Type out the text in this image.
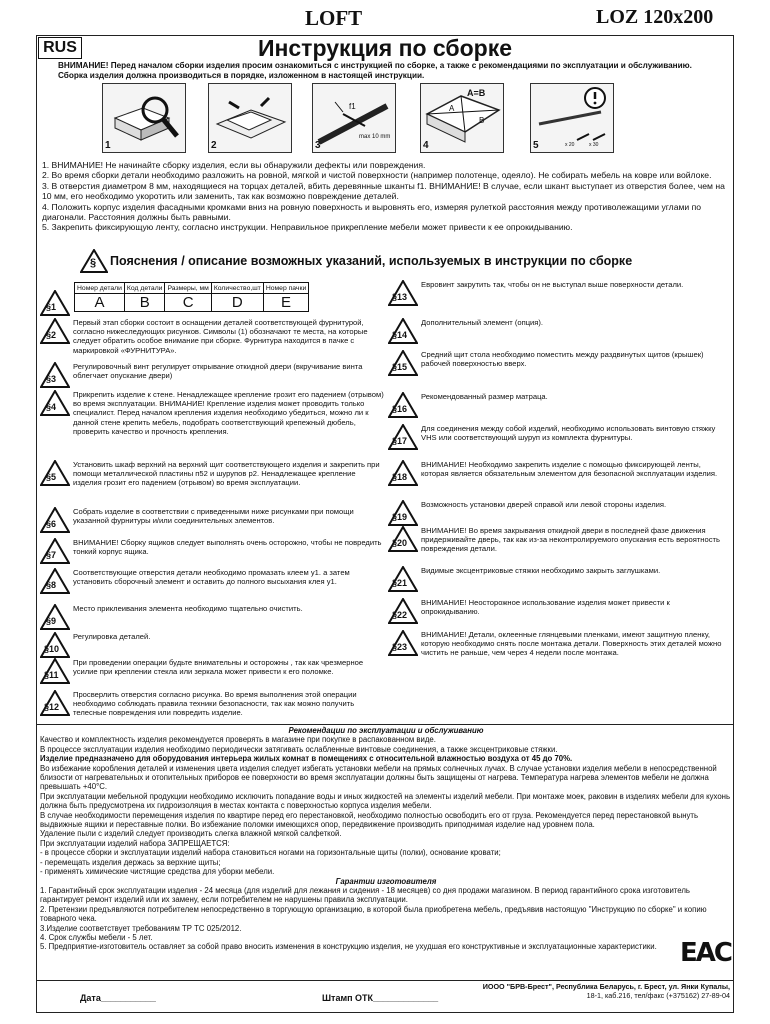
LOFT	LOZ 120x200
RUS	Инструкция по сборке
ВНИМАНИЕ! Перед началом сборки изделия просим ознакомиться с инструкцией по сборке, а также с рекомендациями по эксплуатации и обслуживанию. Сборка изделия должна производиться в порядке, изложенном в настоящей инструкции.
1	2
f1
max 10 mm
3
A=B
A
B
4	x 20	x 30
5

1. ВНИМАНИЕ! Не начинайте сборку изделия, если вы обнаружили дефекты или повреждения.

2. Во время сборки детали необходимо разложить на ровной, мягкой и чистой поверхности (например полотенце, одеяло). Не собирать мебель на ковре или войлоке.

3. В отверстия диаметром 8 мм, находящиеся на торцах деталей, вбить деревянные шканты f1. ВНИМАНИЕ! В случае, если шкант выступает из отверстия более, чем на 10 мм, его необходимо укоротить или заменить, так как возможно повреждение деталей.

4. Положить корпус изделия фасадными кромками вниз на ровную поверхность и выровнять его, измеряя рулеткой расстояния между противолежащими углами по диагонали. Расстояния должны быть равными.

5. Закрепить фиксирующую ленту, согласно инструкции. Неправильное прикрепление мебели может привести к ее опрокидыванию.

§ Пояснения / описание возможных указаний, используемых в инструкции по сборке
Номер детали	Код детали	Размеры, мм	Количество,шт	Номер пачки
A	B	C	D	E
§1
§2
Первый этап сборки состоит в оснащении деталей соответствующей фурнитурой, согласно нижеследующих рисунков. Символы (1) обозначают те места, на которые следует обратить особое внимание при сборке. Фурнитура находится в пачке с маркировкой «ФУРНИТУРА».
§3
Регулировочный винт регулирует открывание откидной двери (вкручивание винта облегчает опускание двери)
§4
Прикрепить изделие к стене. Ненадлежащее крепление грозит его падением (отрывом) во время эксплуатации. ВНИМАНИЕ! Крепление изделия может проводить только специалист. Перед началом крепления изделия необходимо убедиться, можно ли к данной стене крепить мебель, подобрать соответствующий крепежный дюбель, проверить качество и прочность крепления.
§5
Установить шкаф верхний на верхний щит соответствующего изделия и закрепить при помощи металлической пластины п52 и шурупов р2. Ненадлежащее крепление изделия грозит его падением (отрывом) во время эксплуатации.
§6
Собрать изделие в соответствии с приведенными ниже рисунками при помощи указанной фурнитуры и/или соединительных элементов.
§7
ВНИМАНИЕ! Сборку ящиков следует выполнять очень осторожно, чтобы не повредить тонкий корпус ящика.
§8
Соответствующие отверстия детали необходимо промазать клеем у1. а затем установить сборочный элемент и оставить до полного высыхания клея у1.
§9
Место приклеивания элемента необходимо тщательно очистить.
§10
Регулировка деталей.
§11
При проведении операции будьте внимательны и осторожны , так как чрезмерное усилие при креплении стекла или зеркала может привести к его поломке.
§12
Просверлить отверстия согласно рисунка. Во время выполнения этой операции необходимо соблюдать правила техники безопасности, так как можно получить телесные повреждения или повредить изделие.
§13
Евровинт закрутить так, чтобы он не выступал выше поверхности детали.
§14
Дополнительный элемент (опция).
§15
Средний щит стола необходимо поместить между раздвинутых щитов (крышек) рабочей поверхностью вверх.
§16
Рекомендованный размер матраца.
§17
Для соединения между собой изделий, необходимо использовать винтовую стяжку VHS или соответствующий шуруп из комплекта фурнитуры.
§18
ВНИМАНИЕ! Необходимо закрепить изделие с помощью фиксирующей ленты, которая является обязательным элементом для безопасной эксплуатации изделия.
§19
Возможность установки дверей справой или левой стороны изделия.
§20
ВНИМАНИЕ! Во время закрывания откидной двери в последней фазе движения придерживайте дверь, так как из-за неконтролируемого опускания есть вероятность повреждения детали.
§21
Видимые эксцентриковые стяжки необходимо закрыть заглушками.
§22
ВНИМАНИЕ! Неосторожное использование изделия может привести к опрокидыванию.
§23
ВНИМАНИЕ! Детали, оклеенные глянцевыми пленками, имеют защитную пленку, которую необходимо снять после монтажа детали. Поверхность этих деталей можно чистить не раньше, чем через 4 недели после монтажа.

Рекомендации по эксплуатации и обслуживанию

Качество и комплектность изделия рекомендуется проверять в магазине при покупке в распакованном виде.

В процессе эксплуатации изделия необходимо периодически затягивать ослабленные винтовые соединения, а также эксцентриковые стяжки.

Изделие предназначено для оборудования интерьера жилых комнат в помещениях с относительной влажностью воздуха от 45 до 70%.

Во избежание коробления деталей и изменения цвета изделия следует избегать установки мебели на прямых солнечных лучах. В случае установки изделия мебели в непосредственной близости от нагревательных и отопительных приборов ее поверхности во время эксплуатации должны быть защищены от нагрева. Температура нагрева элементов мебели не должна превышать +40°С.

При эксплуатации мебельной продукции необходимо исключить попадание воды и иных жидкостей на элементы изделий мебели. При монтаже моек, раковин в изделиях мебели для кухонь должна быть предусмотрена их гидроизоляция в местах контакта с поверхностью корпуса изделия мебели.

В случае необходимости перемещения изделия по квартире перед его перестановкой, необходимо полностью освободить его от груза. Рекомендуется перед перестановкой вынуть выдвижные ящики и переставные полки. Во избежание поломки имеющихся опор, передвижение производить приподнимая изделие над уровнем пола.

Удаление пыли с изделий следует производить слегка влажной мягкой салфеткой.

При эксплуатации изделий набора ЗАПРЕЩАЕТСЯ:

- в процессе сборки и эксплуатации изделий набора становиться ногами на горизонтальные щиты (полки), основание кровати;

- перемещать изделия держась за верхние щиты;

- применять химические чистящие средства для уборки мебели.

Гарантии изготовителя

1. Гарантийный срок эксплуатации изделия - 24 месяца (для изделий для лежания и сидения - 18 месяцев) со дня продажи магазином. В период гарантийного срока изготовитель гарантирует ремонт изделий или их замену, если потребителем не нарушены правила эксплуатации.

2. Претензии предъявляются потребителем непосредственно в торгующую организацию, в которой была приобретена мебель, предъявив настоящую "Инструкцию по сборке" и копию товарного чека.

3.Изделие соответствует требованиям ТР ТС 025/2012.

4. Срок службы мебели - 5 лет.

5. Предприятие-изготовитель оставляет за собой право вносить изменения в конструкцию изделия, не ухудшая его конструктивные и эксплуатационные характеристики. EAC
Дата___________	Штамп ОТК_____________
ИООО "БРВ-Брест", Республика Беларусь, г. Брест, ул. Янки Купалы,
18-1, каб.216, тел/факс (+375162) 27-89-04
